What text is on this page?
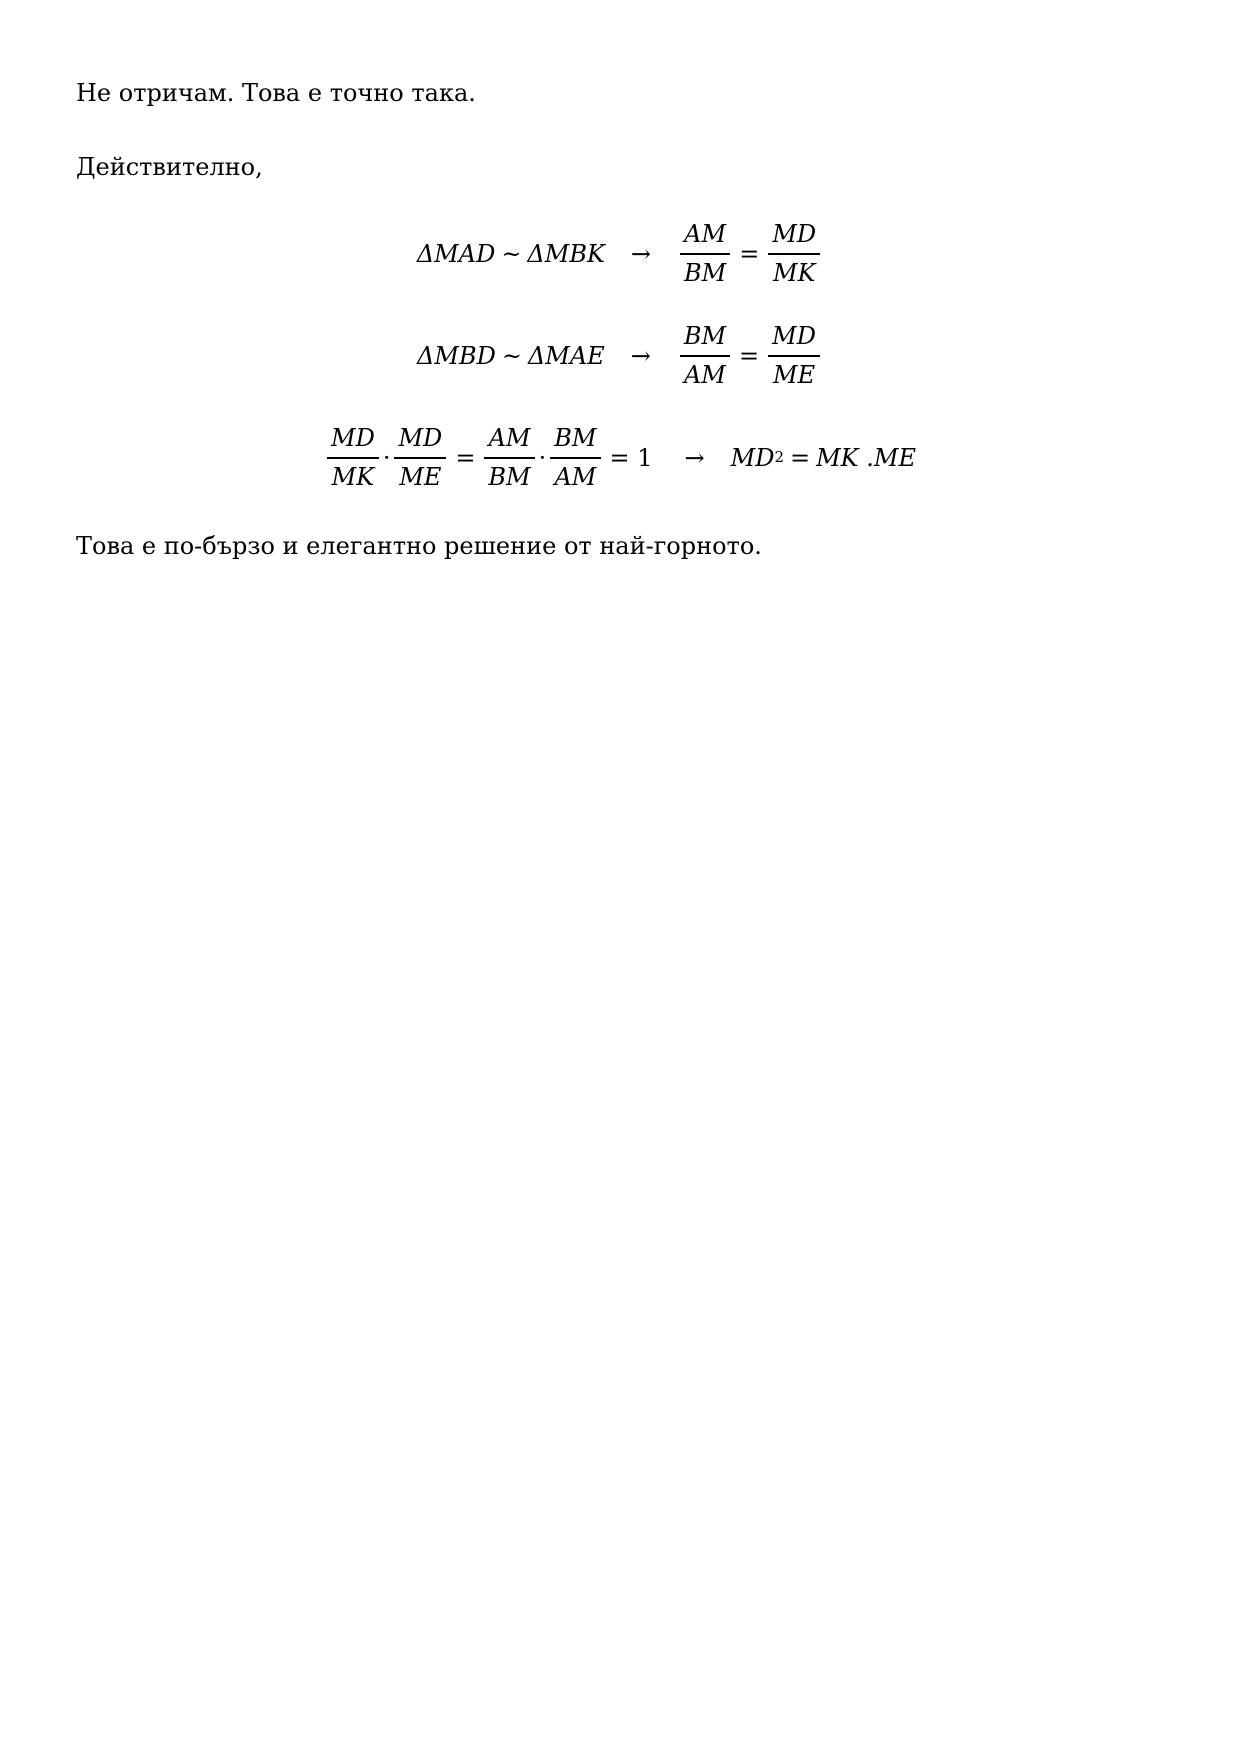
Не отричам. Това е точно така.

Действително,

ΔMAD ~ $\Delta MBK \to \frac{AM}{BM} = \frac{MD}{MK}$
ΔMBD ~ $\Delta MAE \to \frac{BM}{AM} = \frac{MD}{ME}$
$\frac{MD}{MK} \cdot \frac{MD}{ME} = \frac{AM}{BM} \cdot \frac{BM}{AM} = 1$ → MD 2 = MK .ME

Това е по-бързо и елегантно решение от най-горното.
